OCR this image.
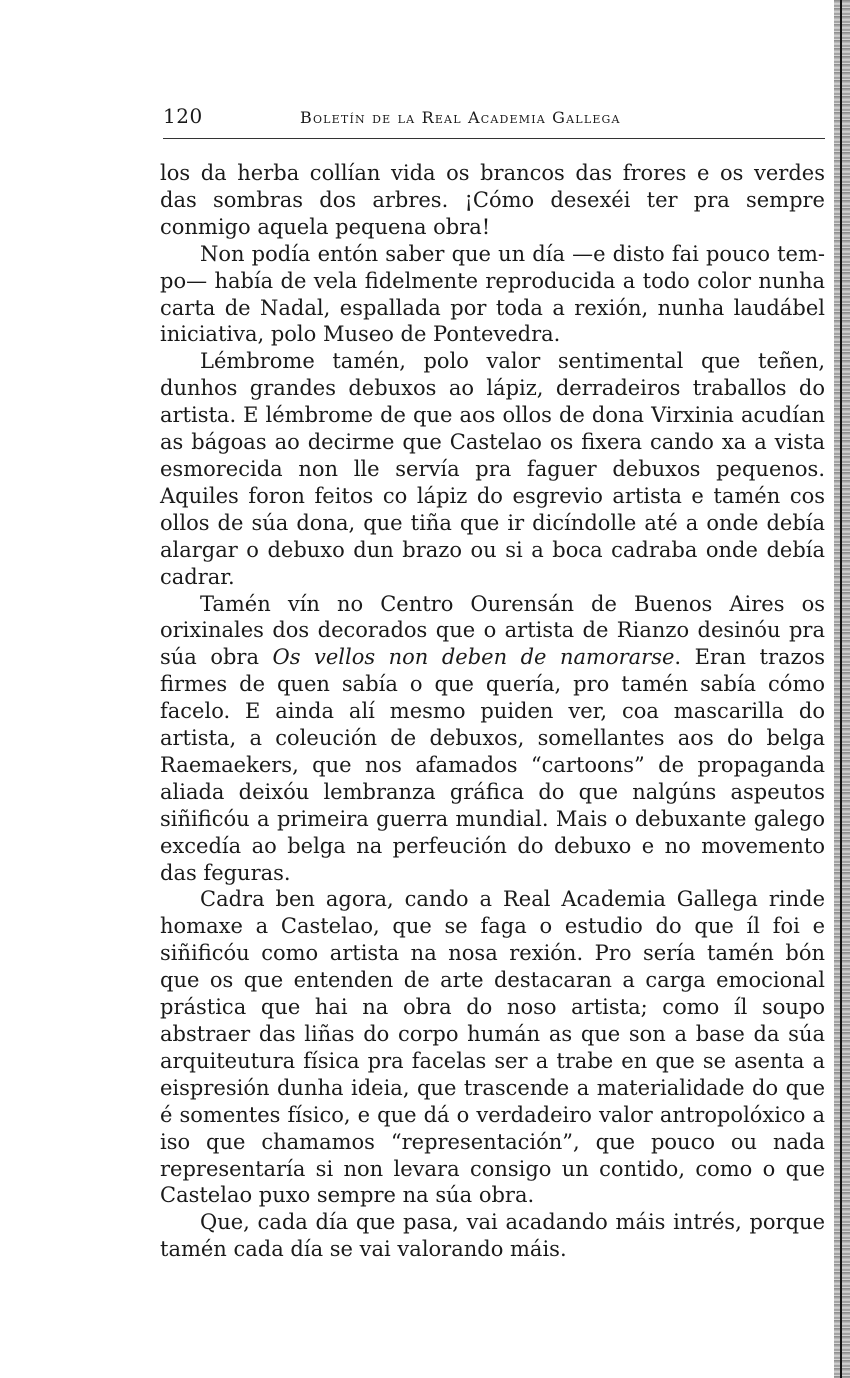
120	Boletín de la Real Academia Gallega

los da herba collían vida os brancos das frores e os verdes das sombras dos arbres. ¡Cómo desexéi ter pra sempre conmigo aquela pequena obra!

Non podía entón saber que un día —e disto fai pouco tempo— había de vela fidelmente reproducida a todo color nunha carta de Nadal, espallada por toda a rexión, nunha laudábel iniciativa, polo Museo de Pontevedra.

Lémbrome tamén, polo valor sentimental que teñen, dunhos grandes debuxos ao lápiz, derradeiros traballos do artista. E lémbrome de que aos ollos de dona Virxinia acudían as bágoas ao decirme que Castelao os fixera cando xa a vista esmorecida non lle servía pra faguer debuxos pequenos. Aquiles foron feitos co lápiz do esgrevio artista e tamén cos ollos de súa dona, que tiña que ir dicíndolle até a onde debía alargar o debuxo dun brazo ou si a boca cadraba onde debía cadrar.

Tamén vín no Centro Ourensán de Buenos Aires os orixinales dos decorados que o artista de Rianzo desinóu pra súa obra Os vellos non deben de namorarse. Eran trazos firmes de quen sabía o que quería, pro tamén sabía cómo facelo. E ainda alí mesmo puiden ver, coa mascarilla do artista, a coleución de debuxos, somellantes aos do belga Raemaekers, que nos afamados “cartoons” de propaganda aliada deixóu lembranza gráfica do que nalgúns aspeutos siñificóu a primeira guerra mundial. Mais o debuxante galego excedía ao belga na perfeución do debuxo e no movemento das feguras.

Cadra ben agora, cando a Real Academia Gallega rinde homaxe a Castelao, que se faga o estudio do que íl foi e siñificóu como artista na nosa rexión. Pro sería tamén bón que os que entenden de arte destacaran a carga emocional prástica que hai na obra do noso artista; como íl soupo abstraer das liñas do corpo humán as que son a base da súa arquiteutura física pra facelas ser a trabe en que se asenta a eispresión dunha ideia, que trascende a materialidade do que é somentes físico, e que dá o verdadeiro valor antropolóxico a iso que chamamos “representación”, que pouco ou nada representaría si non levara consigo un contido, como o que Castelao puxo sempre na súa obra.

Que, cada día que pasa, vai acadando máis intrés, porque tamén cada día se vai valorando máis.
